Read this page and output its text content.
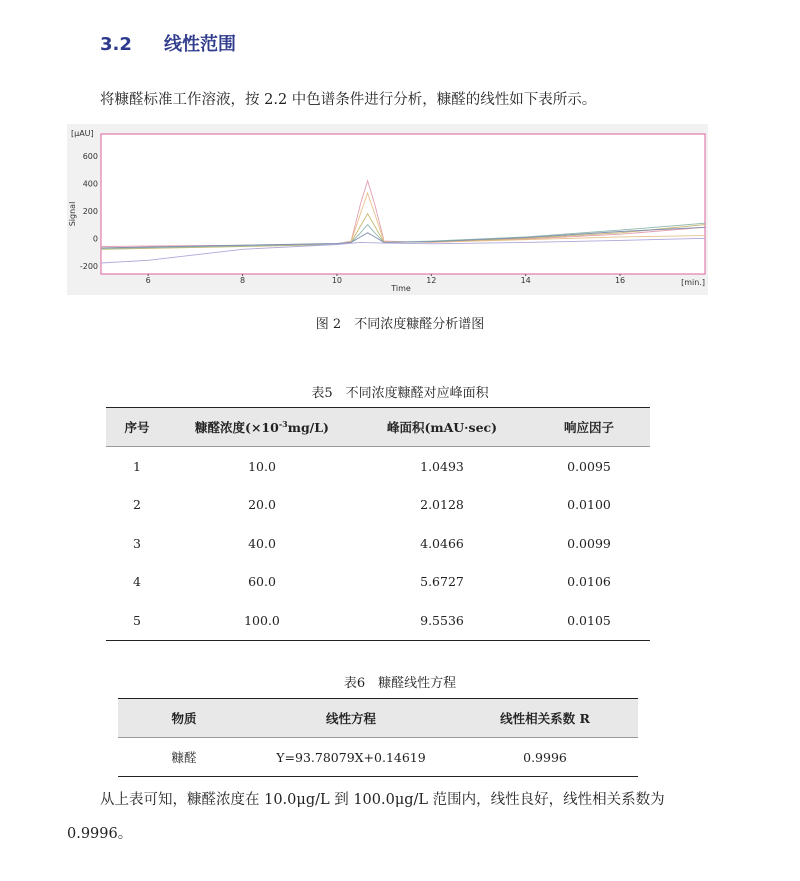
3.2 线性范围
将糠醛标准工作溶液，按 2.2 中色谱条件进行分析，糠醛的线性如下表所示。
[µAU]
Signal
Time
[min.]
6	8	10	12	14	16
600
400
200
0
-200
图 2　不同浓度糠醛分析谱图
表5　不同浓度糠醛对应峰面积
序号	糠醛浓度$(\times 10^{-3}mg/L)$	峰面积(mAU·sec)	响应因子
1	10.0	1.0493	0.0095
2	20.0	2.0128	0.0100
3	40.0	4.0466	0.0099
4	60.0	5.6727	0.0106
5	100.0	9.5536	0.0105
表6　糠醛线性方程
物质	线性方程	线性相关系数 R
糠醛	Y=93.78079X+0.14619	0.9996
从上表可知，糠醛浓度在 10.0μg/L 到 100.0μg/L 范围内，线性良好，线性相关系数为
0.9996。
